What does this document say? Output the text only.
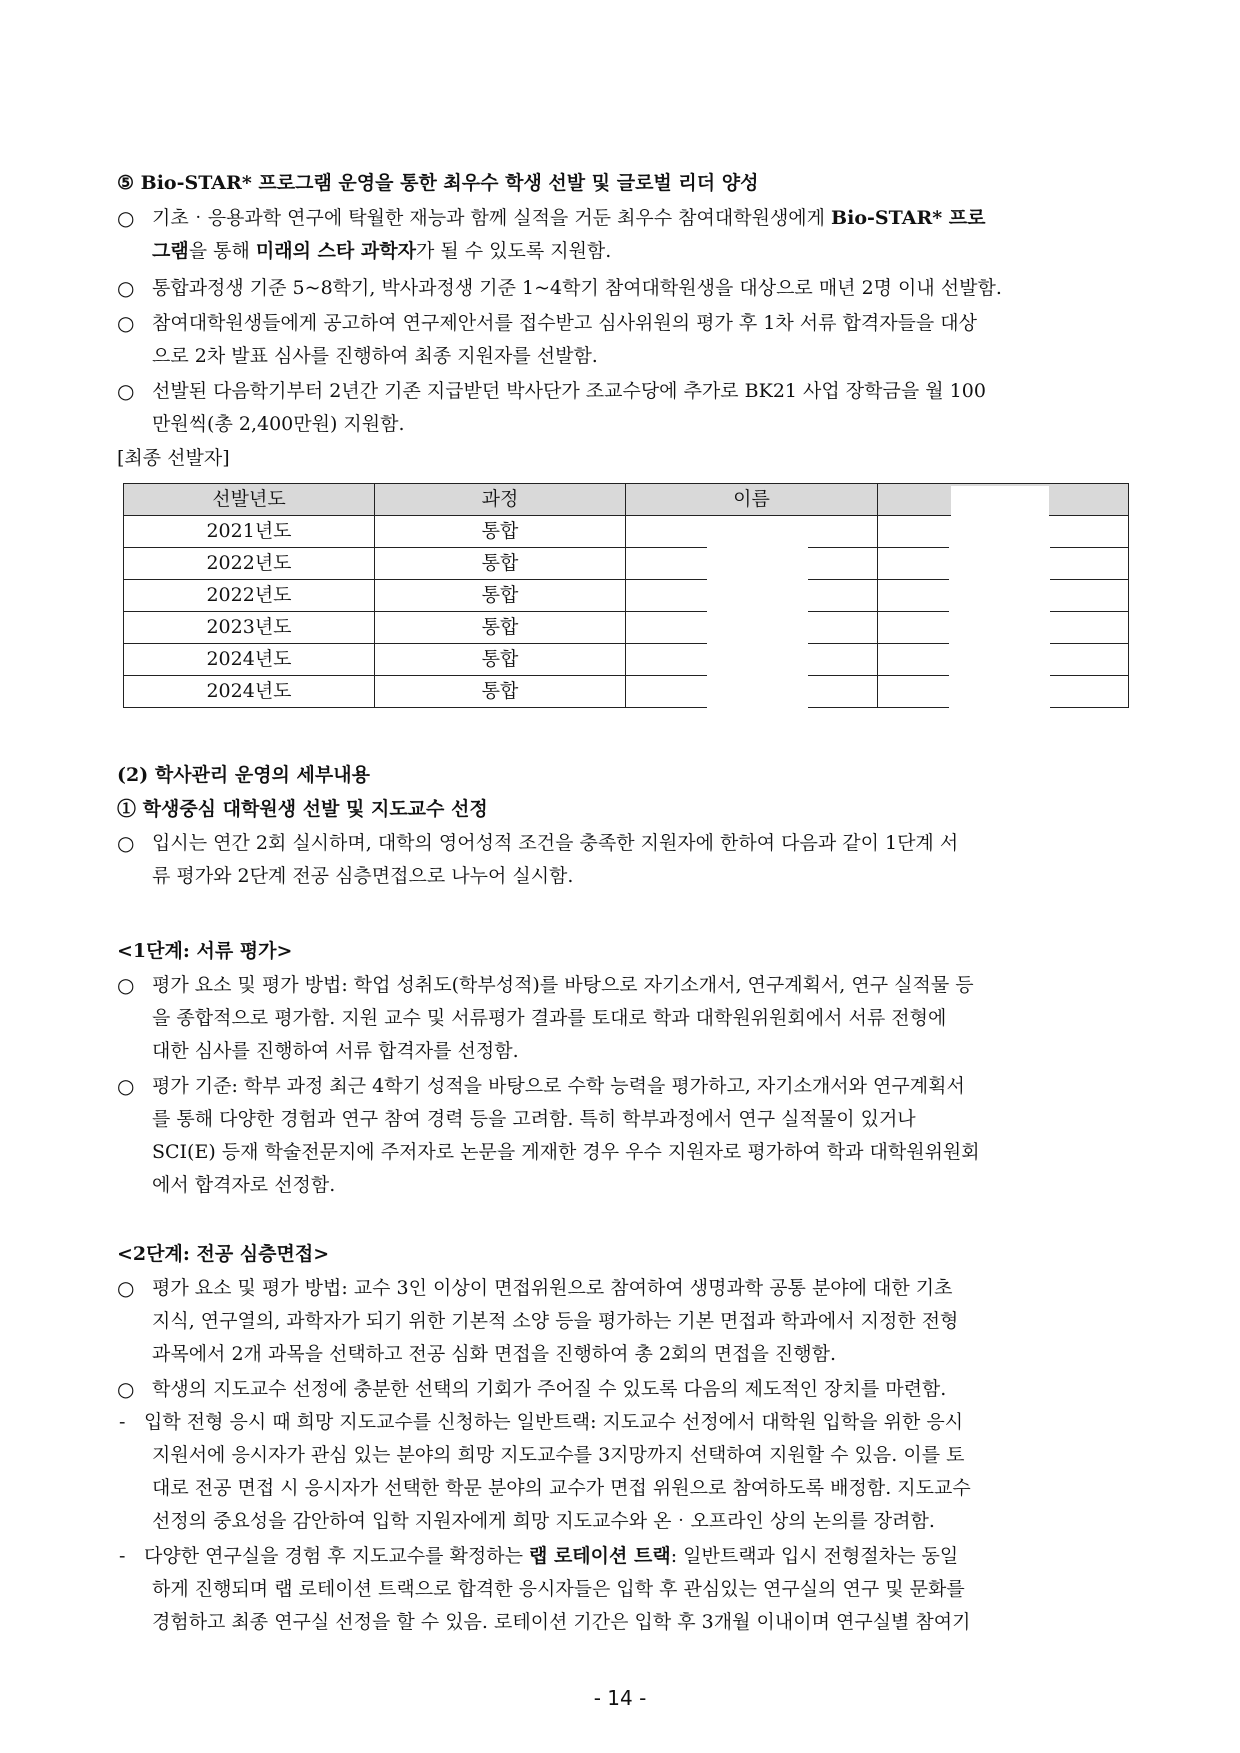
⑤ Bio-STAR* 프로그램 운영을 통한 최우수 학생 선발 및 글로벌 리더 양성
○ 기초‧응용과학 연구에 탁월한 재능과 함께 실적을 거둔 최우수 참여대학원생에게 Bio-STAR* 프로
그램을 통해 미래의 스타 과학자가 될 수 있도록 지원함.
○ 통합과정생 기준 5~8학기, 박사과정생 기준 1~4학기 참여대학원생을 대상으로 매년 2명 이내 선발함.
○ 참여대학원생들에게 공고하여 연구제안서를 접수받고 심사위원의 평가 후 1차 서류 합격자들을 대상
으로 2차 발표 심사를 진행하여 최종 지원자를 선발함.
○ 선발된 다음학기부터 2년간 기존 지급받던 박사단가 조교수당에 추가로 BK21 사업 장학금을 월 100
만원씩(총 2,400만원) 지원함.
[최종 선발자]
선발년도	과정	이름	
2021년도	통합		
2022년도	통합		
2022년도	통합		
2023년도	통합		
2024년도	통합		
2024년도	통합		
(2) 학사관리 운영의 세부내용
① 학생중심 대학원생 선발 및 지도교수 선정
○ 입시는 연간 2회 실시하며, 대학의 영어성적 조건을 충족한 지원자에 한하여 다음과 같이 1단계 서
류 평가와 2단계 전공 심층면접으로 나누어 실시함.
<1단계: 서류 평가>
○ 평가 요소 및 평가 방법: 학업 성취도(학부성적)를 바탕으로 자기소개서, 연구계획서, 연구 실적물 등
을 종합적으로 평가함. 지원 교수 및 서류평가 결과를 토대로 학과 대학원위원회에서 서류 전형에
대한 심사를 진행하여 서류 합격자를 선정함.
○ 평가 기준: 학부 과정 최근 4학기 성적을 바탕으로 수학 능력을 평가하고, 자기소개서와 연구계획서
를 통해 다양한 경험과 연구 참여 경력 등을 고려함. 특히 학부과정에서 연구 실적물이 있거나
SCI(E) 등재 학술전문지에 주저자로 논문을 게재한 경우 우수 지원자로 평가하여 학과 대학원위원회
에서 합격자로 선정함.
<2단계: 전공 심층면접>
○ 평가 요소 및 평가 방법: 교수 3인 이상이 면접위원으로 참여하여 생명과학 공통 분야에 대한 기초
지식, 연구열의, 과학자가 되기 위한 기본적 소양 등을 평가하는 기본 면접과 학과에서 지정한 전형
과목에서 2개 과목을 선택하고 전공 심화 면접을 진행하여 총 2회의 면접을 진행함.
○ 학생의 지도교수 선정에 충분한 선택의 기회가 주어질 수 있도록 다음의 제도적인 장치를 마련함.
- 입학 전형 응시 때 희망 지도교수를 신청하는 일반트랙: 지도교수 선정에서 대학원 입학을 위한 응시
지원서에 응시자가 관심 있는 분야의 희망 지도교수를 3지망까지 선택하여 지원할 수 있음. 이를 토
대로 전공 면접 시 응시자가 선택한 학문 분야의 교수가 면접 위원으로 참여하도록 배정함. 지도교수
선정의 중요성을 감안하여 입학 지원자에게 희망 지도교수와 온‧오프라인 상의 논의를 장려함.
- 다양한 연구실을 경험 후 지도교수를 확정하는 랩 로테이션 트랙: 일반트랙과 입시 전형절차는 동일
하게 진행되며 랩 로테이션 트랙으로 합격한 응시자들은 입학 후 관심있는 연구실의 연구 및 문화를
경험하고 최종 연구실 선정을 할 수 있음. 로테이션 기간은 입학 후 3개월 이내이며 연구실별 참여기
- 14 -
